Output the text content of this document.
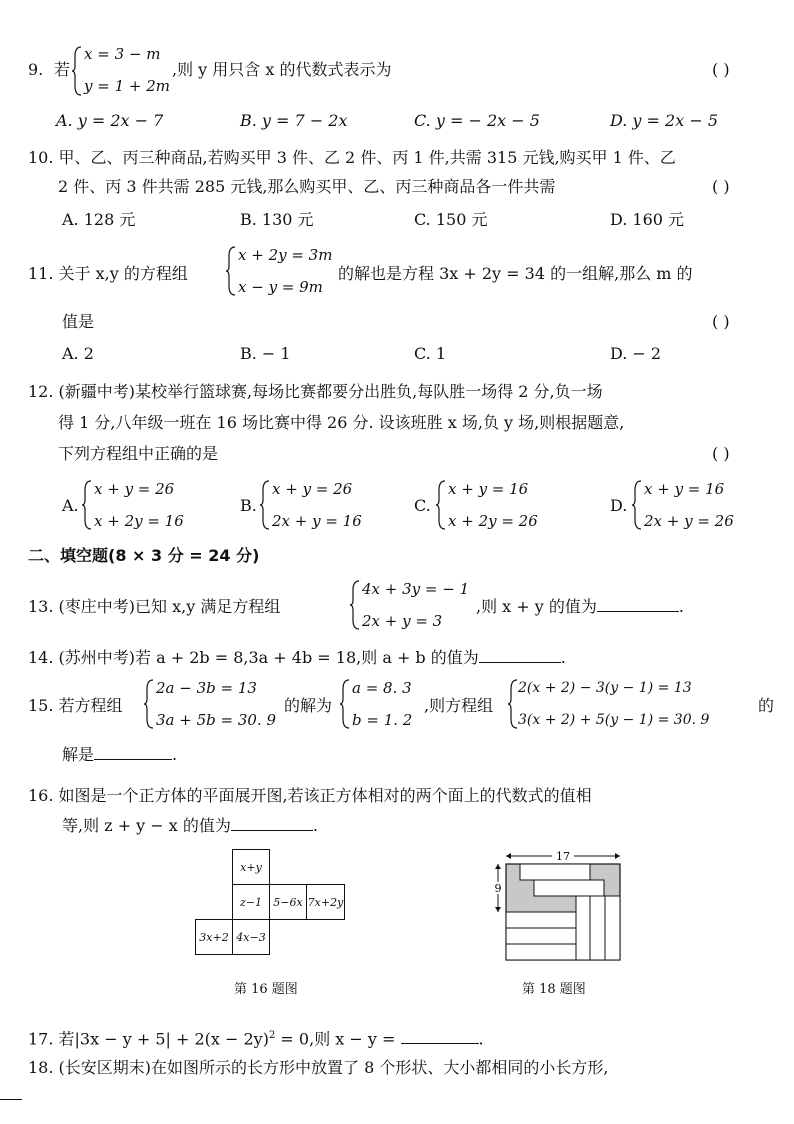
9. 若
x = 3 − m
y = 1 + 2m
,则 y 用只含 x 的代数式表示为	( )
A. y = 2x − 7	B. y = 7 − 2x	C. y = − 2x − 5	D. y = 2x − 5
10. 甲、乙、丙三种商品,若购买甲 3 件、乙 2 件、丙 1 件,共需 315 元钱,购买甲 1 件、乙
2 件、丙 3 件共需 285 元钱,那么购买甲、乙、丙三种商品各一件共需	( )
A. 128 元	B. 130 元	C. 150 元	D. 160 元
11. 关于 x,y 的方程组
x + 2y = 3m
x − y = 9m
的解也是方程 3x + 2y = 34 的一组解,那么 m 的
值是	( )
A. 2	B. − 1	C. 1	D. − 2
12. (新疆中考)某校举行篮球赛,每场比赛都要分出胜负,每队胜一场得 2 分,负一场
得 1 分,八年级一班在 16 场比赛中得 26 分. 设该班胜 x 场,负 y 场,则根据题意,
下列方程组中正确的是	( )
A.
x + y = 26
x + 2y = 16
B.
x + y = 26
2x + y = 16
C.
x + y = 16
x + 2y = 26
D.
x + y = 16
2x + y = 26
二、填空题(8 × 3 分 = 24 分)
13. (枣庄中考)已知 x,y 满足方程组
4x + 3y = − 1
2x + y = 3
,则 x + y 的值为	.
14. (苏州中考)若 a + 2b = 8,3a + 4b = 18,则 a + b 的值为	.
15. 若方程组
2a − 3b = 13
3a + 5b = 30. 9
的解为
a = 8. 3
b = 1. 2
,则方程组
2(x + 2) − 3(y − 1) = 13
3(x + 2) + 5(y − 1) = 30. 9
的
解是	.
16. 如图是一个正方体的平面展开图,若该正方体相对的两个面上的代数式的值相
等,则 z + y − x 的值为	.
x+y
z−1	5−6x 7x+2y
3x+2 4x−3
第 16 题图
17
9
第 18 题图
17. 若$|3x - y + 5| + 2(x - 2y)^2 = 0$,则 x − y =	.
18. (长安区期末)在如图所示的长方形中放置了 8 个形状、大小都相同的小长方形,
